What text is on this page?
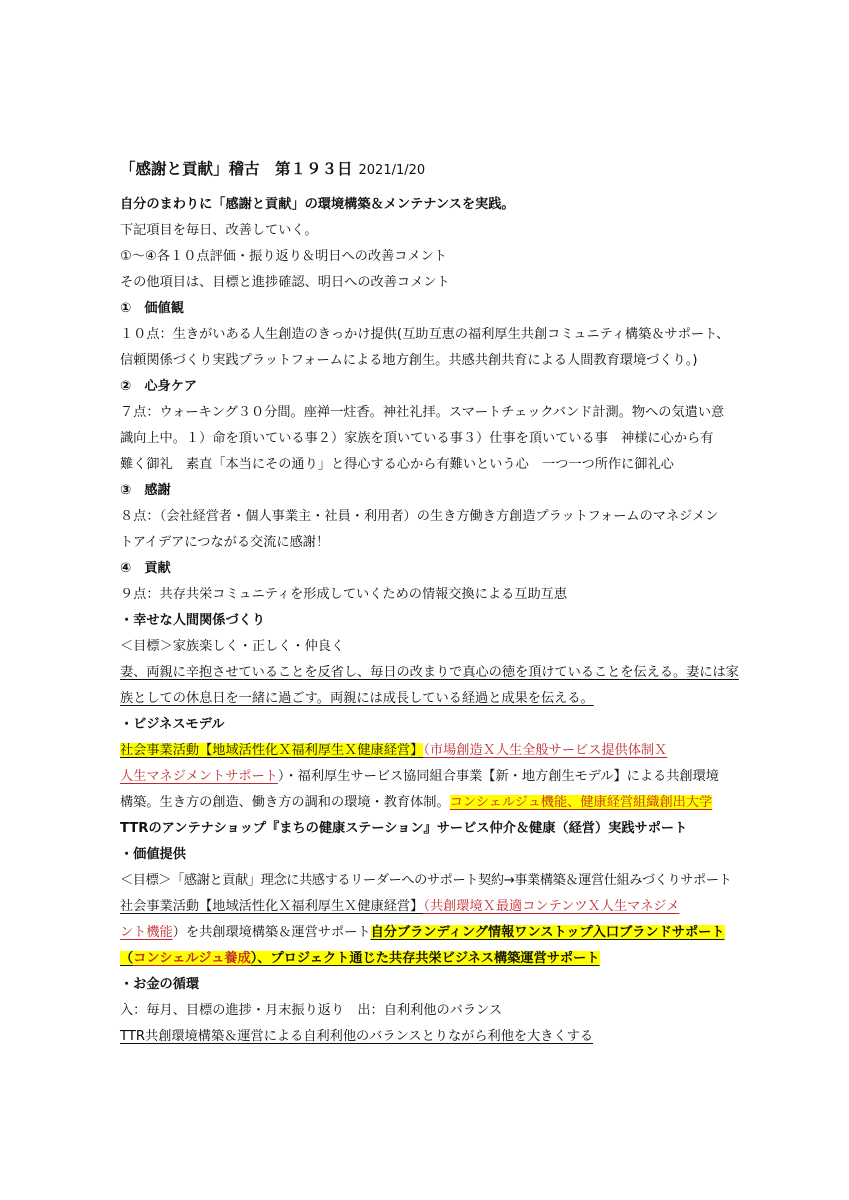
「感謝と貢献」稽古　第１９３日 2021/1/20
自分のまわりに「感謝と貢献」の環境構築＆メンテナンスを実践。
下記項目を毎日、改善していく。
①～④各１０点評価・振り返り＆明日への改善コメント
その他項目は、目標と進捗確認、明日への改善コメント
①　価値観
１０点：生きがいある人生創造のきっかけ提供(互助互恵の福利厚生共創コミュニティ構築＆サポート、
信頼関係づくり実践プラットフォームによる地方創生。共感共創共育による人間教育環境づくり。)
②　心身ケア
７点：ウォーキング３０分間。座禅一炷香。神社礼拝。スマートチェックバンド計測。物への気遣い意
識向上中。１）命を頂いている事２）家族を頂いている事３）仕事を頂いている事　神様に心から有
難く御礼　素直「本当にその通り」と得心する心から有難いという心　一つ一つ所作に御礼心
③　感謝
８点：（会社経営者・個人事業主・社員・利用者）の生き方働き方創造プラットフォームのマネジメン
トアイデアにつながる交流に感謝！
④　貢献
９点：共存共栄コミュニティを形成していくための情報交換による互助互恵
・幸せな人間関係づくり
＜目標＞家族楽しく・正しく・仲良く
妻、両親に辛抱させていることを反省し、毎日の改まりで真心の徳を頂けていることを伝える。妻には家
族としての休息日を一緒に過ごす。両親には成長している経過と成果を伝える。
・ビジネスモデル
社会事業活動【地域活性化Ｘ福利厚生Ｘ健康経営】（市場創造Ｘ人生全般サービス提供体制Ｘ
人生マネジメントサポート）・福利厚生サービス協同組合事業【新・地方創生モデル】による共創環境
構築。生き方の創造、働き方の調和の環境・教育体制。コンシェルジュ機能、健康経営組織創出大学
TTRのアンテナショップ『まちの健康ステーション』サービス仲介＆健康（経営）実践サポート
・価値提供
＜目標＞「感謝と貢献」理念に共感するリーダーへのサポート契約→事業構築＆運営仕組みづくりサポート
社会事業活動【地域活性化Ｘ福利厚生Ｘ健康経営】（共創環境Ｘ最適コンテンツＸ人生マネジメ
ント機能）を共創環境構築＆運営サポート自分ブランディング情報ワンストップ入口ブランドサポート
（コンシェルジュ養成）、プロジェクト通じた共存共栄ビジネス構築運営サポート
・お金の循環
入：毎月、目標の進捗・月末振り返り　出：自利利他のバランス
TTR共創環境構築＆運営による自利利他のバランスとりながら利他を大きくする
